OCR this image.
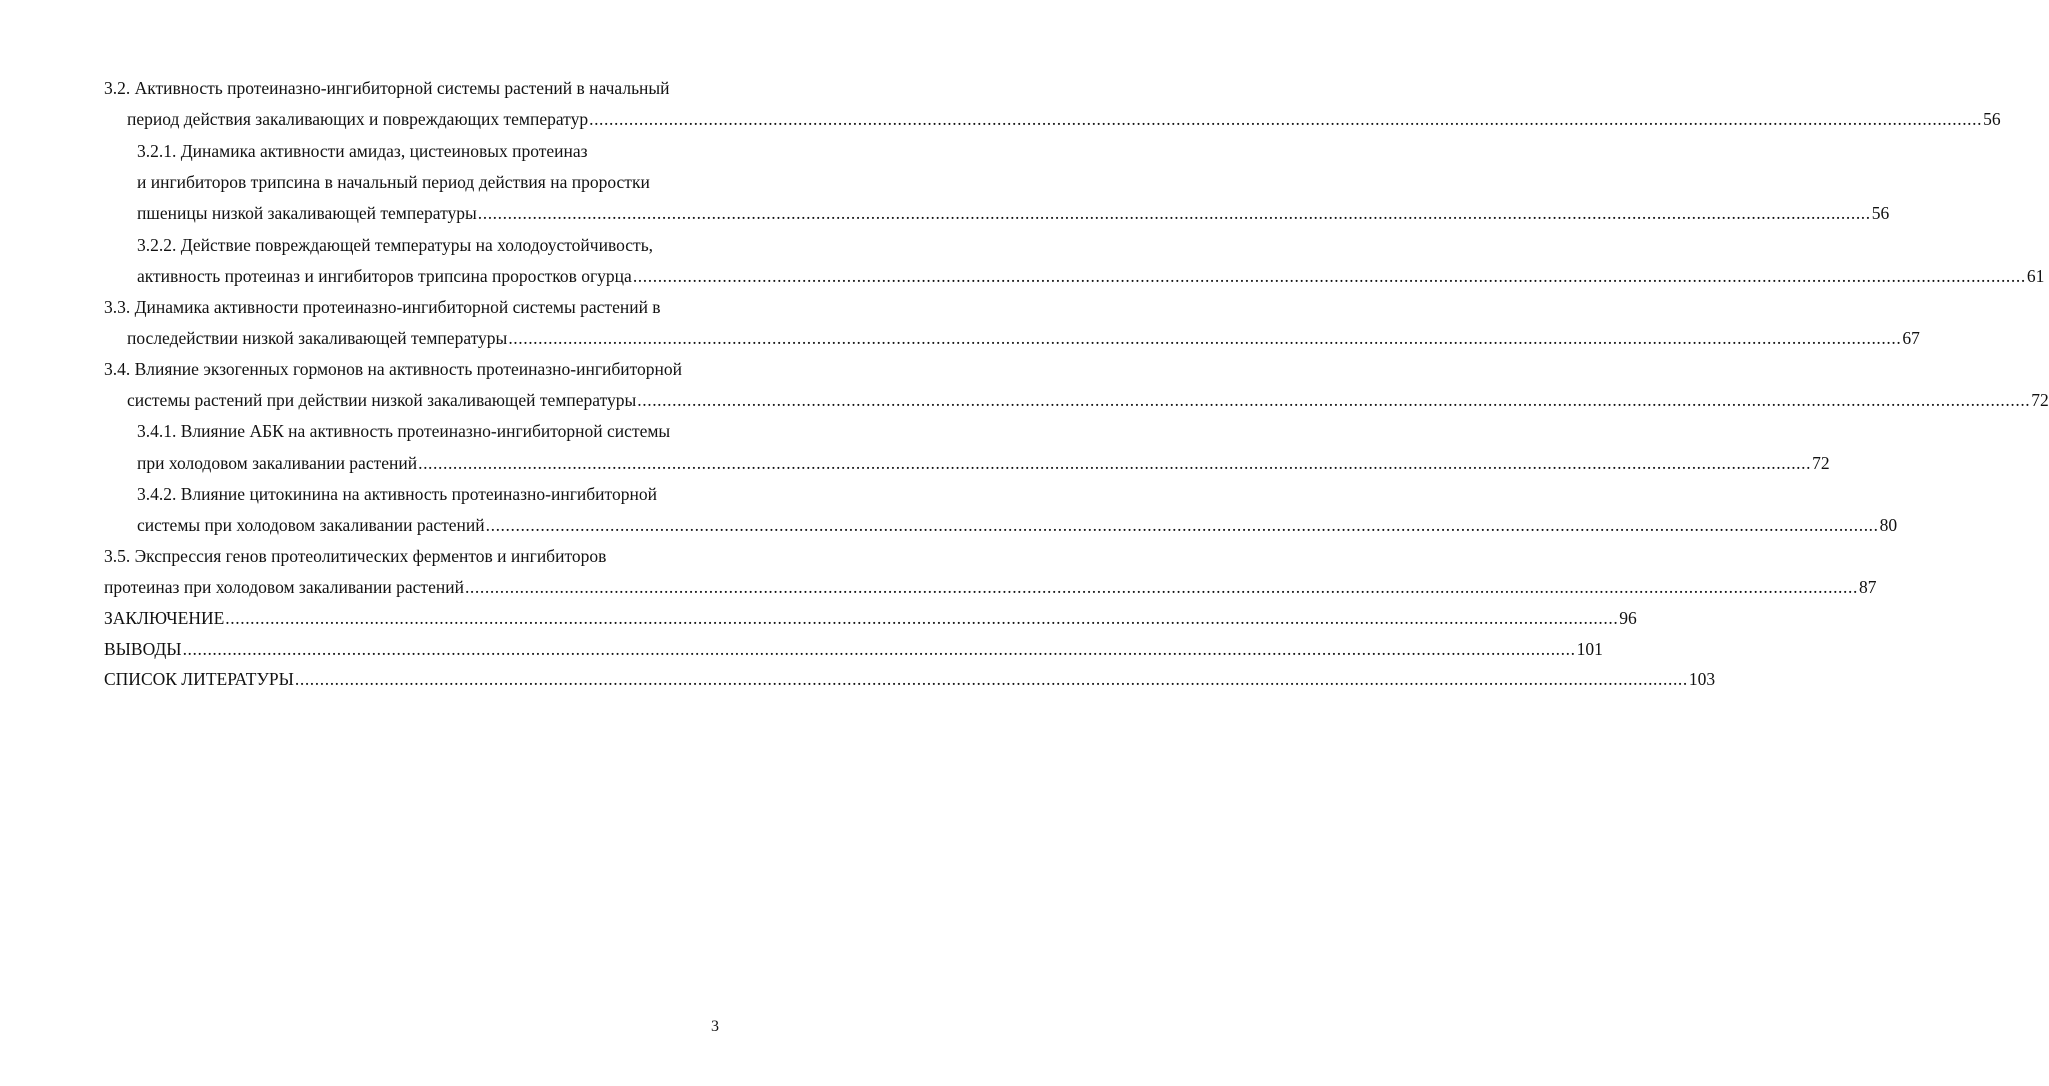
3.2. Активность протеиназно-ингибиторной системы растений в начальный
период действия закаливающих и повреждающих температур .....	56
3.2.1. Динамика активности амидаз, цистеиновых протеиназ
и ингибиторов трипсина в начальный период действия на проростки
пшеницы низкой закаливающей температуры .....	56
3.2.2. Действие повреждающей температуры на холодоустойчивость,
активность протеиназ и ингибиторов трипсина проростков огурца .....	61
3.3. Динамика активности протеиназно-ингибиторной системы растений в
последействии низкой закаливающей температуры .....	67
3.4. Влияние экзогенных гормонов на активность протеиназно-ингибиторной
системы растений при действии низкой закаливающей температуры .....	72
3.4.1. Влияние АБК на активность протеиназно-ингибиторной системы
при холодовом закаливании растений .....	72
3.4.2. Влияние цитокинина на активность протеиназно-ингибиторной
системы при холодовом закаливании растений .....	80
3.5. Экспрессия генов протеолитических ферментов и ингибиторов
протеиназ при холодовом закаливании растений .....	87
ЗАКЛЮЧЕНИЕ .....	96
ВЫВОДЫ .....	101
СПИСОК ЛИТЕРАТУРЫ .....	103
3
